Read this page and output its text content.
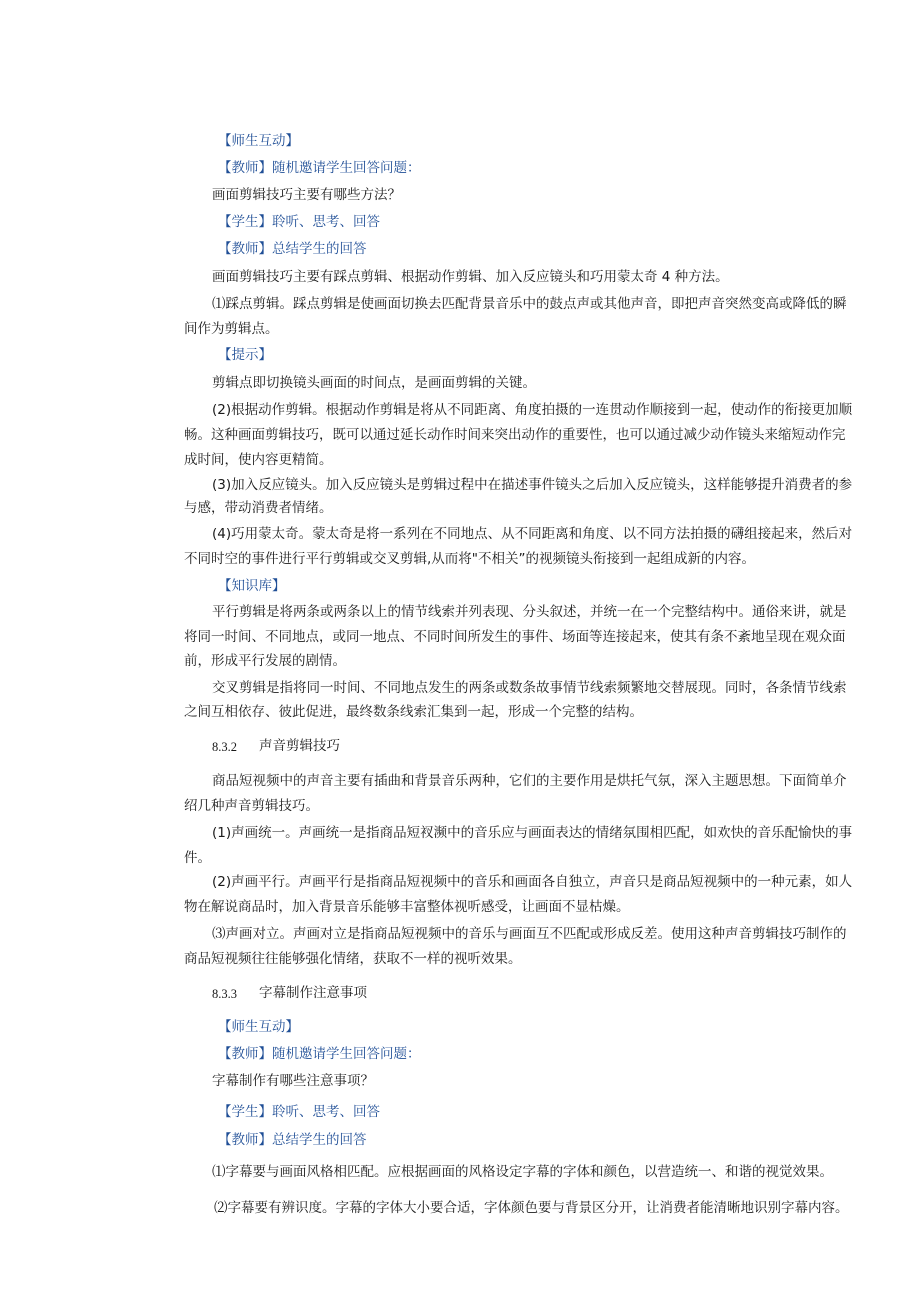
【师生互动】
【教师】随机邀请学生回答问题：
画面剪辑技巧主要有哪些方法？
【学生】聆听、思考、回答
【教师】总结学生的回答
画面剪辑技巧主要有踩点剪辑、根据动作剪辑、加入反应镜头和巧用蒙太奇 4 种方法。
⑴踩点剪辑。踩点剪辑是使画面切换去匹配背景音乐中的鼓点声或其他声音，即把声音突然变高或降低的瞬
间作为剪辑点。
【提示】
剪辑点即切换镜头画面的时间点，是画面剪辑的关键。
(2)根据动作剪辑。根据动作剪辑是将从不同距离、角度拍摄的一连贯动作顺接到一起，使动作的衔接更加顺
畅。这种画面剪辑技巧，既可以通过延长动作时间来突出动作的重要性，也可以通过减少动作镜头来缩短动作完
成时间，使内容更精简。
(3)加入反应镜头。加入反应镜头是剪辑过程中在描述事件镜头之后加入反应镜头，这样能够提升消费者的参
与感，带动消费者情绪。
(4)巧用蒙太奇。蒙太奇是将一系列在不同地点、从不同距离和角度、以不同方法拍摄的礴组接起来，然后对
不同时空的事件进行平行剪辑或交叉剪辑,从而将"不相关”的视频镜头衔接到一起组成新的内容。
【知识库】
平行剪辑是将两条或两条以上的情节线索并列表现、分头叙述，并统一在一个完整结构中。通俗来讲，就是
将同一时间、不同地点，或同一地点、不同时间所发生的事件、场面等连接起来，使其有条不紊地呈现在观众面
前，形成平行发展的剧情。
交叉剪辑是指将同一时间、不同地点发生的两条或数条故事情节线索频繁地交替展现。同时，各条情节线索
之间互相依存、彼此促进，最终数条线索汇集到一起，形成一个完整的结构。
8.3.2 声音剪辑技巧
商品短视频中的声音主要有插曲和背景音乐两种，它们的主要作用是烘托气氛，深入主题思想。下面简单介
绍几种声音剪辑技巧。
(1)声画统一。声画统一是指商品短衩濒中的音乐应与画面表达的情绪氛围相匹配，如欢快的音乐配愉快的事
件。
(2)声画平行。声画平行是指商品短视频中的音乐和画面各自独立，声音只是商品短视频中的一种元素，如人
物在解说商品时，加入背景音乐能够丰富整体视听感受，让画面不显枯燥。
⑶声画对立。声画对立是指商品短视频中的音乐与画面互不匹配或形成反差。使用这种声音剪辑技巧制作的
商品短视频往往能够强化情绪，获取不一样的视听效果。
8.3.3 字幕制作注意事项
【师生互动】
【教师】随机邀请学生回答问题：
字幕制作有哪些注意事项？
【学生】聆听、思考、回答
【教师】总结学生的回答
⑴字幕要与画面风格相匹配。应根据画面的风格设定字幕的字体和颜色，以营造统一、和谐的视觉效果。
⑵字幕要有辨识度。字幕的字体大小要合适，字体颜色要与背景区分开，让消费者能清晰地识别字幕内容。
